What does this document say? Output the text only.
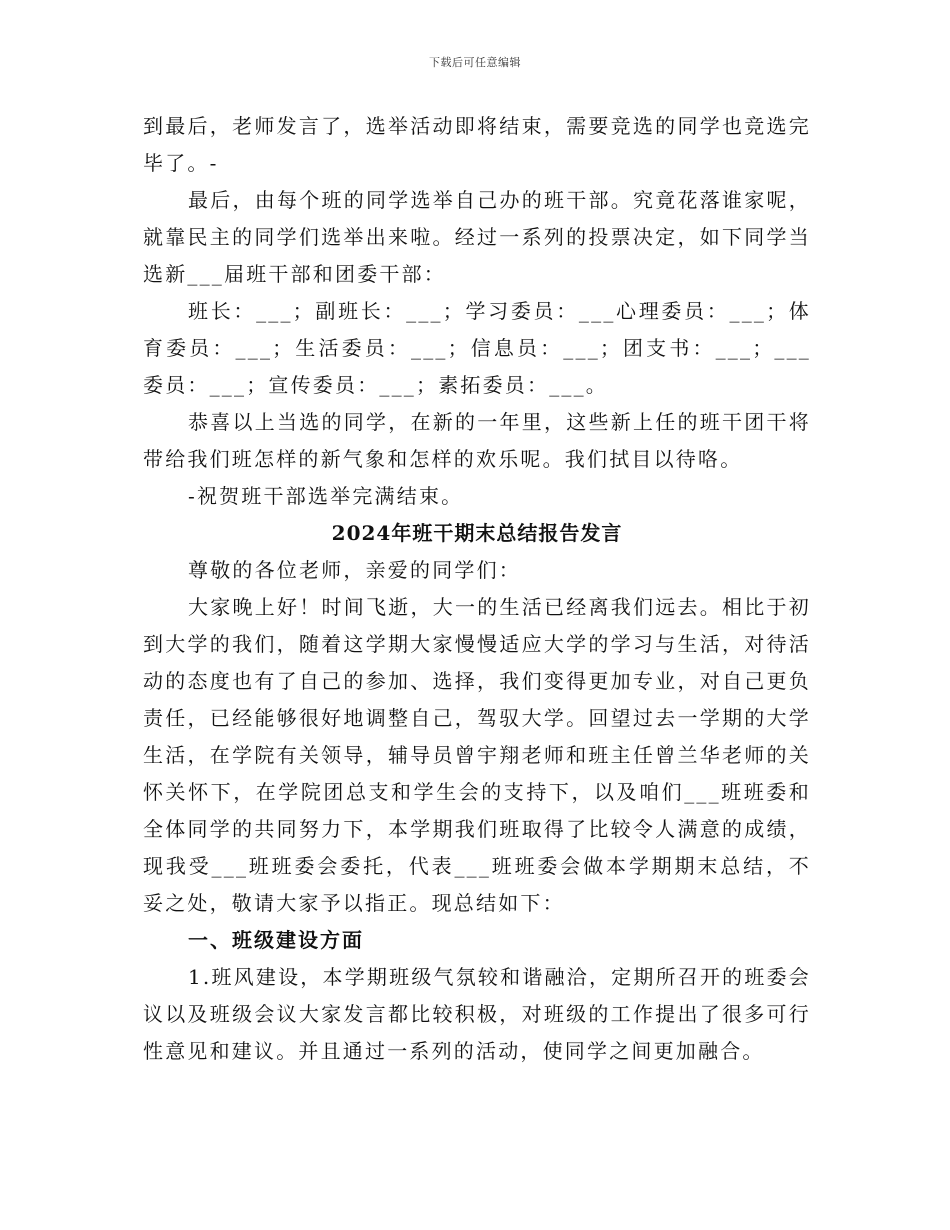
下载后可任意编辑

到最后，老师发言了，选举活动即将结束，需要竞选的同学也竞选完毕了。-

最后，由每个班的同学选举自己办的班干部。究竟花落谁家呢，就靠民主的同学们选举出来啦。经过一系列的投票决定，如下同学当选新___届班干部和团委干部：

班长：___；副班长：___；学习委员：___心理委员：___；体育委员：___；生活委员：___；信息员：___；团支书：___；___委员：___；宣传委员：___；素拓委员：___。

恭喜以上当选的同学，在新的一年里，这些新上任的班干团干将带给我们班怎样的新气象和怎样的欢乐呢。我们拭目以待咯。

-祝贺班干部选举完满结束。

2024年班干期末总结报告发言

尊敬的各位老师，亲爱的同学们：

大家晚上好！时间飞逝，大一的生活已经离我们远去。相比于初到大学的我们，随着这学期大家慢慢适应大学的学习与生活，对待活动的态度也有了自己的参加、选择，我们变得更加专业，对自己更负责任，已经能够很好地调整自己，驾驭大学。回望过去一学期的大学生活，在学院有关领导，辅导员曾宇翔老师和班主任曾兰华老师的关怀关怀下，在学院团总支和学生会的支持下，以及咱们___班班委和全体同学的共同努力下，本学期我们班取得了比较令人满意的成绩，现我受___班班委会委托，代表___班班委会做本学期期末总结，不妥之处，敬请大家予以指正。现总结如下：

一、班级建设方面

1.班风建设，本学期班级气氛较和谐融洽，定期所召开的班委会议以及班级会议大家发言都比较积极，对班级的工作提出了很多可行性意见和建议。并且通过一系列的活动，使同学之间更加融合。
